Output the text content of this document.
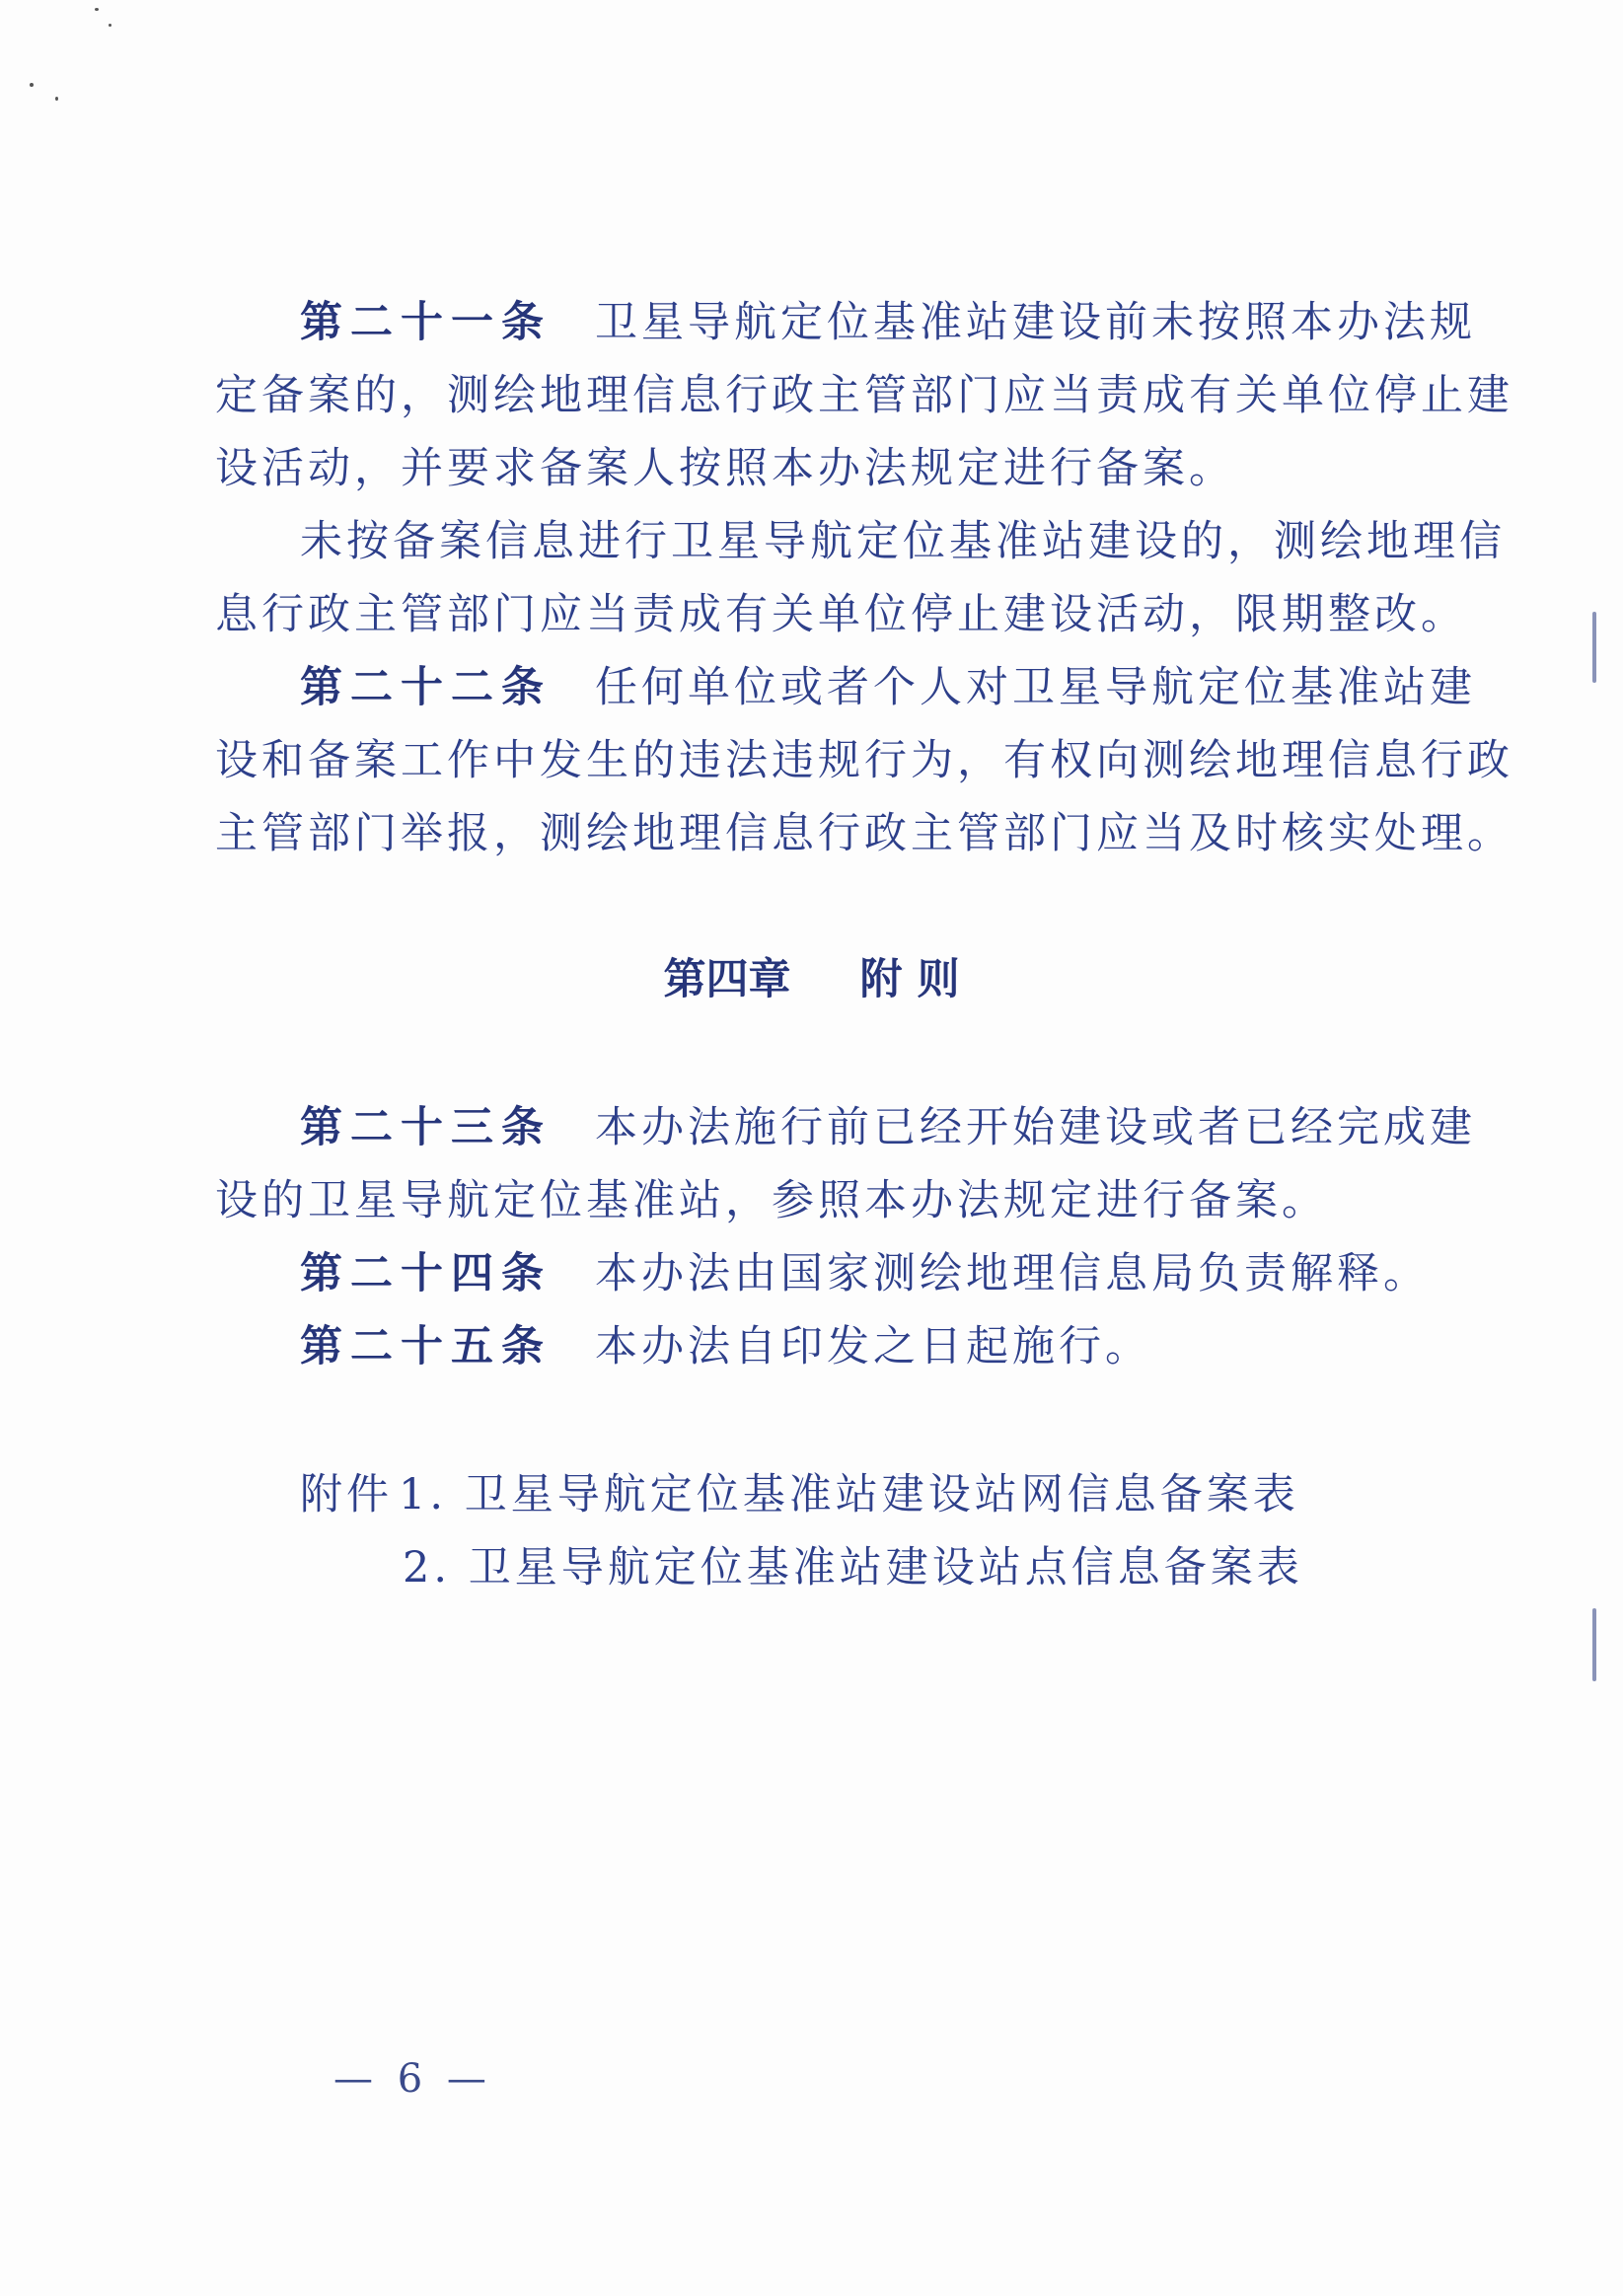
第二十一条 卫星导航定位基准站建设前未按照本办法规
定备案的，测绘地理信息行政主管部门应当责成有关单位停止建
设活动，并要求备案人按照本办法规定进行备案。
未按备案信息进行卫星导航定位基准站建设的，测绘地理信
息行政主管部门应当责成有关单位停止建设活动，限期整改。
第二十二条 任何单位或者个人对卫星导航定位基准站建
设和备案工作中发生的违法违规行为，有权向测绘地理信息行政
主管部门举报，测绘地理信息行政主管部门应当及时核实处理。
第四章 附 则
第二十三条 本办法施行前已经开始建设或者已经完成建
设的卫星导航定位基准站，参照本办法规定进行备案。
第二十四条 本办法由国家测绘地理信息局负责解释。
第二十五条 本办法自印发之日起施行。
附件 1. 卫星导航定位基准站建设站网信息备案表
2. 卫星导航定位基准站建设站点信息备案表
— 6 —
